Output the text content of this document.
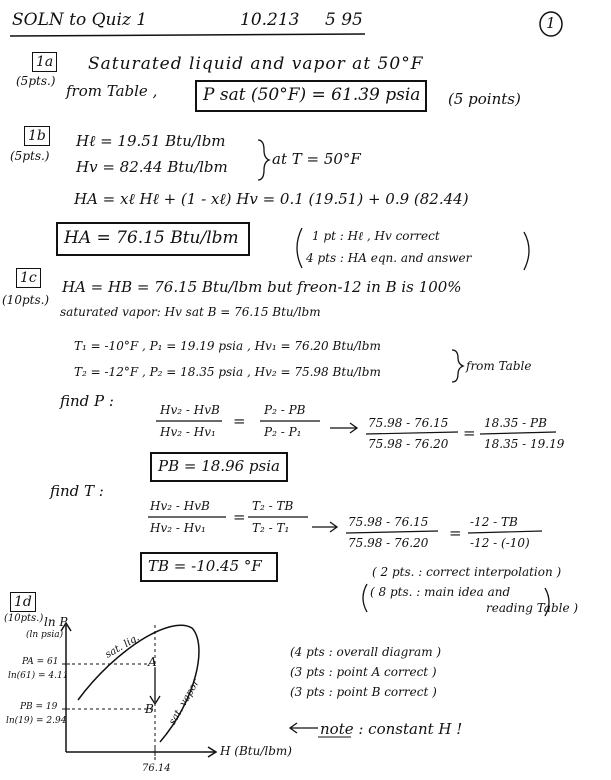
SOLN to Quiz 1	10.213 5 95	1
1a
(5pts.)
Saturated liquid and vapor at 50°F
from Table ,	P sat (50°F) = 61.39 psia (5 points)
1b
(5pts.)
Hℓ = 19.51 Btu/lbm
Hv = 82.44 Btu/lbm	at T = 50°F
HA = xℓ Hℓ + (1 - xℓ) Hv = 0.1 (19.51) + 0.9 (82.44)
HA = 76.15 Btu/lbm	1 pt : Hℓ , Hv correct
4 pts : HA eqn. and answer
1c
(10pts.)
HA = HB = 76.15 Btu/lbm but freon-12 in B is 100%
saturated vapor: Hv sat B = 76.15 Btu/lbm
T₁ = -10°F , P₁ = 19.19 psia , Hv₁ = 76.20 Btu/lbm
T₂ = -12°F , P₂ = 18.35 psia , Hv₂ = 75.98 Btu/lbm	from Table
find P :	Hv₂ - HvB
Hv₂ - Hv₁
=
P₂ - PB
P₂ - P₁
75.98 - 76.15
75.98 - 76.20
=
18.35 - PB
18.35 - 19.19
PB = 18.96 psia
find T :
Hv₂ - HvB
Hv₂ - Hv₁
=
T₂ - TB
T₂ - T₁	75.98 - 76.15
75.98 - 76.20
=
-12 - TB
-12 - (-10)
TB = -10.45 °F	( 2 pts. : correct interpolation )
( 8 pts. : main idea and
reading Table )
1d
(10pts.) ln P
(ln psia)
PA = 61
ln(61) = 4.11
PB = 19
ln(19) = 2.94
H (Btu/lbm)
76.14
sat. liq.
sat. vapor
A
B
(4 pts : overall diagram )
(3 pts : point A correct )
(3 pts : point B correct )
note : constant H !
